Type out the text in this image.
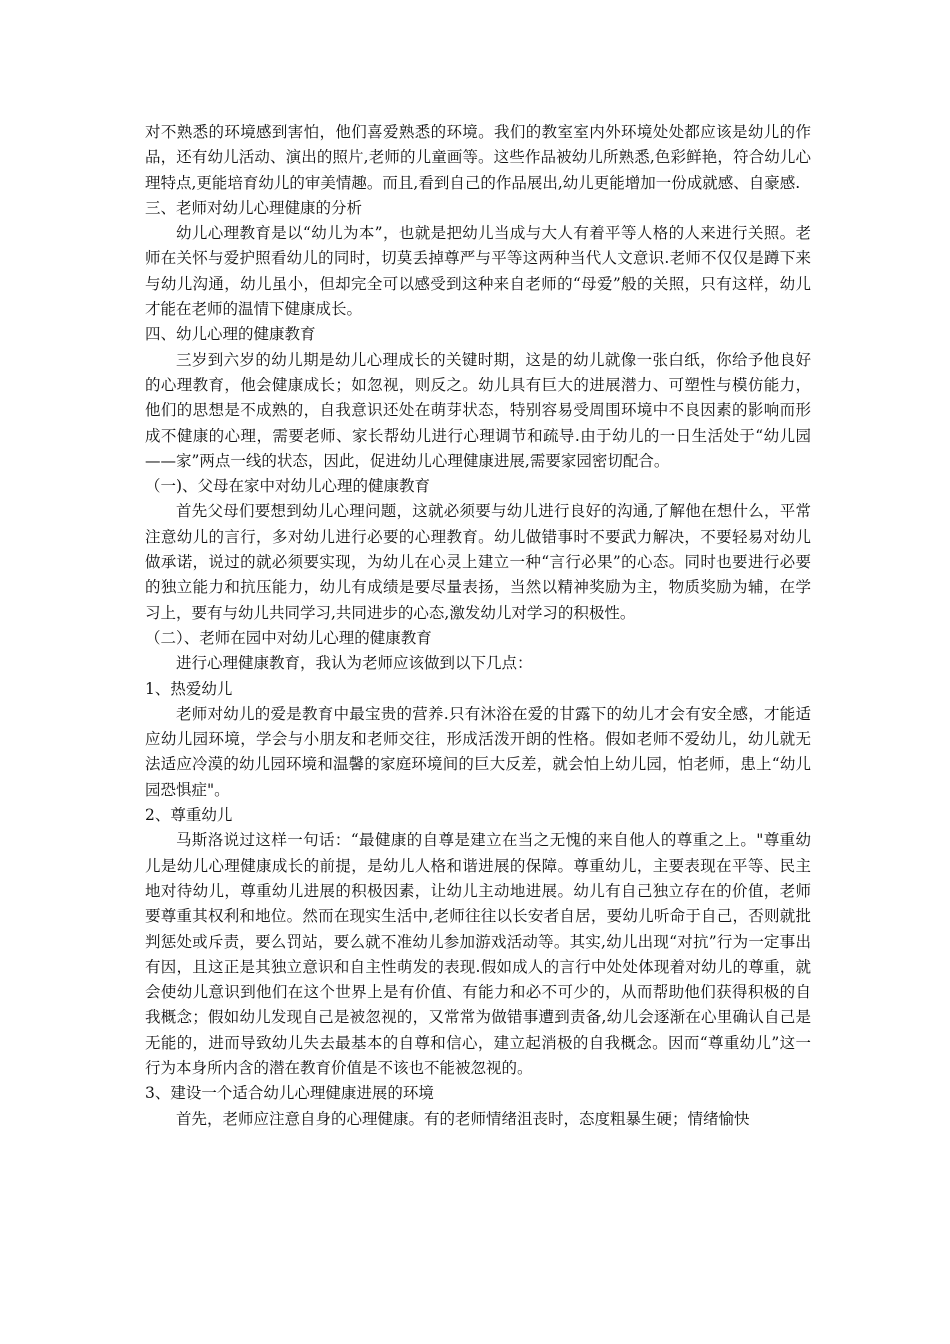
对不熟悉的环境感到害怕，他们喜爱熟悉的环境。我们的教室室内外环境处处都应该是幼儿的作品，还有幼儿活动、演出的照片,老师的儿童画等。这些作品被幼儿所熟悉,色彩鲜艳，符合幼儿心理特点,更能培育幼儿的审美情趣。而且,看到自己的作品展出,幼儿更能增加一份成就感、自豪感.

三、老师对幼儿心理健康的分析

幼儿心理教育是以“幼儿为本”，也就是把幼儿当成与大人有着平等人格的人来进行关照。老师在关怀与爱护照看幼儿的同时，切莫丢掉尊严与平等这两种当代人文意识.老师不仅仅是蹲下来与幼儿沟通，幼儿虽小，但却完全可以感受到这种来自老师的“母爱”般的关照，只有这样，幼儿才能在老师的温情下健康成长。

四、幼儿心理的健康教育

三岁到六岁的幼儿期是幼儿心理成长的关键时期，这是的幼儿就像一张白纸，你给予他良好的心理教育，他会健康成长；如忽视，则反之。幼儿具有巨大的进展潜力、可塑性与模仿能力，他们的思想是不成熟的，自我意识还处在萌芽状态，特别容易受周围环境中不良因素的影响而形成不健康的心理，需要老师、家长帮幼儿进行心理调节和疏导.由于幼儿的一日生活处于“幼儿园——家”两点一线的状态，因此，促进幼儿心理健康进展,需要家园密切配合。

（一)、父母在家中对幼儿心理的健康教育

首先父母们要想到幼儿心理问题，这就必须要与幼儿进行良好的沟通,了解他在想什么，平常注意幼儿的言行，多对幼儿进行必要的心理教育。幼儿做错事时不要武力解决，不要轻易对幼儿做承诺，说过的就必须要实现，为幼儿在心灵上建立一种“言行必果”的心态。同时也要进行必要的独立能力和抗压能力，幼儿有成绩是要尽量表扬，当然以精神奖励为主，物质奖励为辅，在学习上，要有与幼儿共同学习,共同进步的心态,激发幼儿对学习的积极性。

（二）、老师在园中对幼儿心理的健康教育

进行心理健康教育，我认为老师应该做到以下几点：

1、热爱幼儿

老师对幼儿的爱是教育中最宝贵的营养.只有沐浴在爱的甘露下的幼儿才会有安全感，才能适应幼儿园环境，学会与小朋友和老师交往，形成活泼开朗的性格。假如老师不爱幼儿，幼儿就无法适应冷漠的幼儿园环境和温馨的家庭环境间的巨大反差，就会怕上幼儿园，怕老师，患上“幼儿园恐惧症"。

2、尊重幼儿

马斯洛说过这样一句话：“最健康的自尊是建立在当之无愧的来自他人的尊重之上。"尊重幼儿是幼儿心理健康成长的前提，是幼儿人格和谐进展的保障。尊重幼儿，主要表现在平等、民主地对待幼儿，尊重幼儿进展的积极因素，让幼儿主动地进展。幼儿有自己独立存在的价值，老师要尊重其权利和地位。然而在现实生活中,老师往往以长安者自居，要幼儿听命于自己，否则就批判惩处或斥责，要么罚站，要么就不准幼儿参加游戏活动等。其实,幼儿出现“对抗”行为一定事出有因，且这正是其独立意识和自主性萌发的表现.假如成人的言行中处处体现着对幼儿的尊重，就会使幼儿意识到他们在这个世界上是有价值、有能力和必不可少的，从而帮助他们获得积极的自我概念；假如幼儿发现自己是被忽视的，又常常为做错事遭到责备,幼儿会逐渐在心里确认自己是无能的，进而导致幼儿失去最基本的自尊和信心，建立起消极的自我概念。因而“尊重幼儿”这一行为本身所内含的潜在教育价值是不该也不能被忽视的。

3、建设一个适合幼儿心理健康进展的环境

首先，老师应注意自身的心理健康。有的老师情绪沮丧时，态度粗暴生硬；情绪愉快
